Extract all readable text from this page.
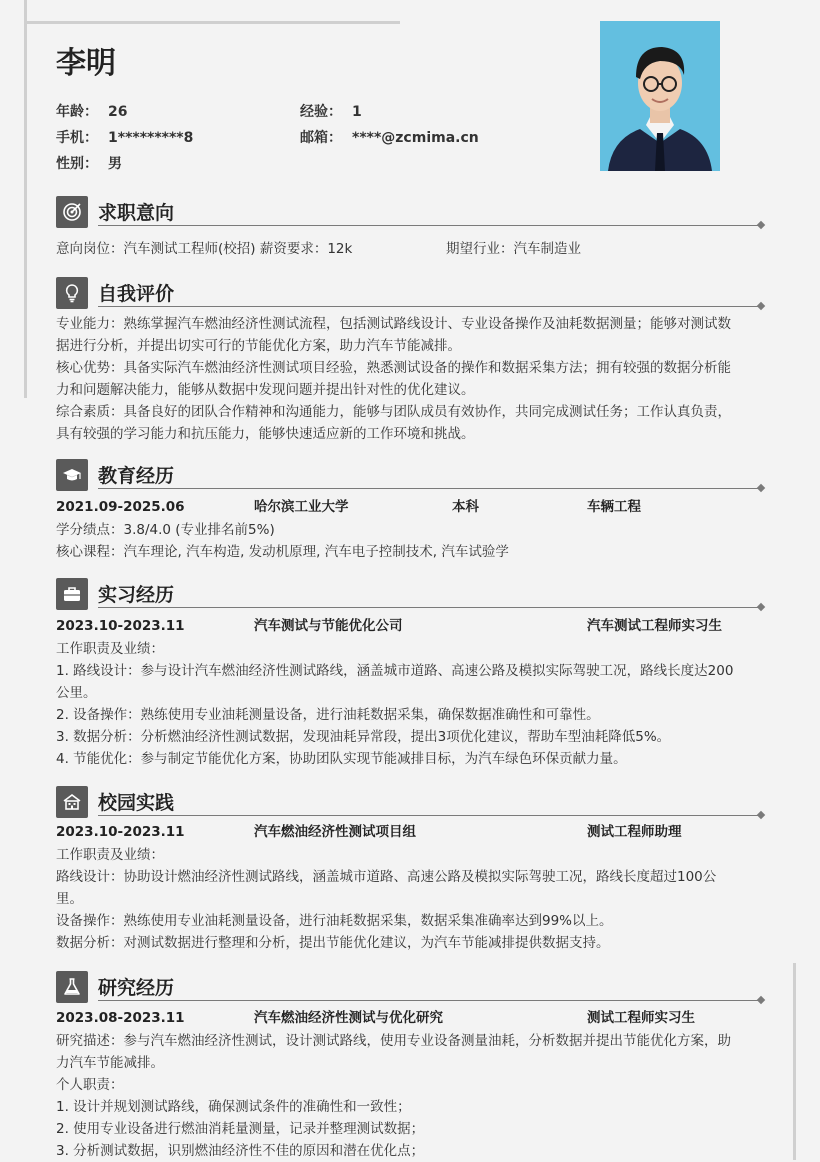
李明
年龄： 26	经验： 1
手机： 1*********8	邮箱： ****@zcmima.cn
性别： 男
求职意向
意向岗位：汽车测试工程师(校招) 薪资要求：12k	期望行业：汽车制造业
自我评价

专业能力：熟练掌握汽车燃油经济性测试流程，包括测试路线设计、专业设备操作及油耗数据测量；能够对测试数

据进行分析，并提出切实可行的节能优化方案，助力汽车节能减排。

核心优势：具备实际汽车燃油经济性测试项目经验，熟悉测试设备的操作和数据采集方法；拥有较强的数据分析能

力和问题解决能力，能够从数据中发现问题并提出针对性的优化建议。

综合素质：具备良好的团队合作精神和沟通能力，能够与团队成员有效协作，共同完成测试任务；工作认真负责，

具有较强的学习能力和抗压能力，能够快速适应新的工作环境和挑战。

教育经历
2021.09-2025.06	哈尔滨工业大学	本科	车辆工程

学分绩点：3.8/4.0 (专业排名前5%)

核心课程：汽车理论, 汽车构造, 发动机原理, 汽车电子控制技术, 汽车试验学

实习经历
2023.10-2023.11	汽车测试与节能优化公司	汽车测试工程师实习生

工作职责及业绩：

1. 路线设计：参与设计汽车燃油经济性测试路线，涵盖城市道路、高速公路及模拟实际驾驶工况，路线长度达200

公里。

2. 设备操作：熟练使用专业油耗测量设备，进行油耗数据采集，确保数据准确性和可靠性。

3. 数据分析：分析燃油经济性测试数据，发现油耗异常段，提出3项优化建议，帮助车型油耗降低5%。

4. 节能优化：参与制定节能优化方案，协助团队实现节能减排目标，为汽车绿色环保贡献力量。

校园实践
2023.10-2023.11	汽车燃油经济性测试项目组	测试工程师助理

工作职责及业绩：

路线设计：协助设计燃油经济性测试路线，涵盖城市道路、高速公路及模拟实际驾驶工况，路线长度超过100公

里。

设备操作：熟练使用专业油耗测量设备，进行油耗数据采集，数据采集准确率达到99%以上。

数据分析：对测试数据进行整理和分析，提出节能优化建议，为汽车节能减排提供数据支持。

研究经历
2023.08-2023.11	汽车燃油经济性测试与优化研究	测试工程师实习生

研究描述：参与汽车燃油经济性测试，设计测试路线，使用专业设备测量油耗，分析数据并提出节能优化方案，助

力汽车节能减排。

个人职责：

1. 设计并规划测试路线，确保测试条件的准确性和一致性；

2. 使用专业设备进行燃油消耗量测量，记录并整理测试数据；

3. 分析测试数据，识别燃油经济性不佳的原因和潜在优化点；
